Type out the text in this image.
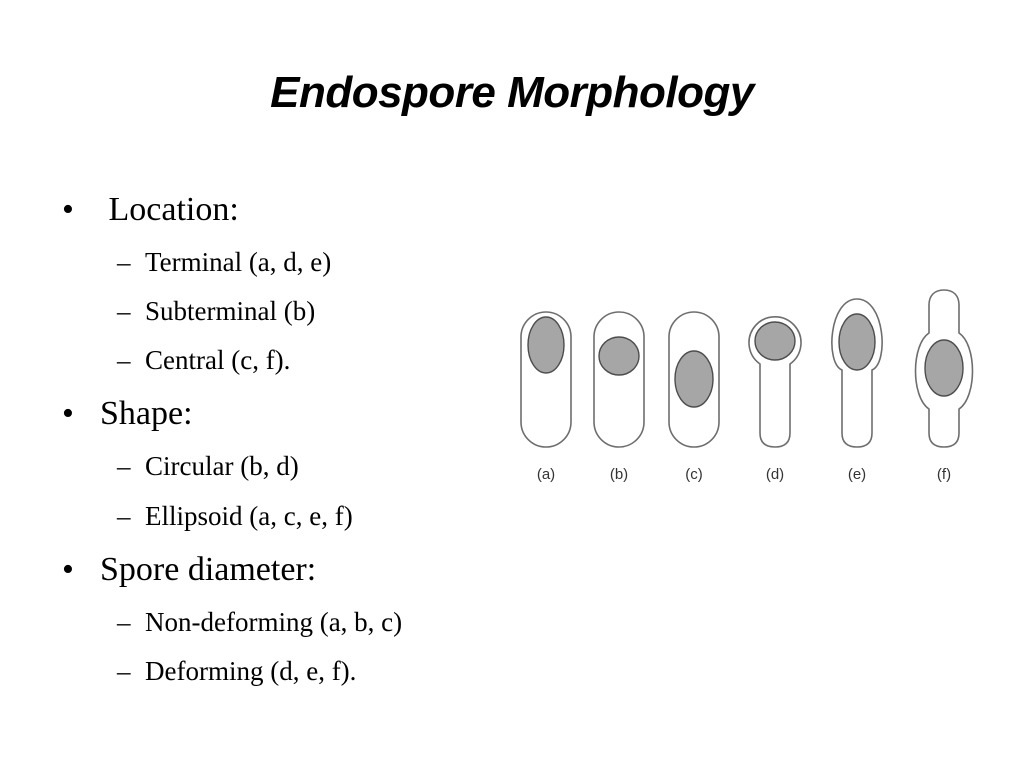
Endospore Morphology
• Location:
– Terminal (a, d, e)
– Subterminal (b)
– Central (c, f).
• Shape:
– Circular (b, d)
– Ellipsoid (a, c, e, f)
• Spore diameter:
– Non-deforming (a, b, c)
– Deforming (d, e, f).
(a)	(b)	(c)	(d)	(e)	(f)
